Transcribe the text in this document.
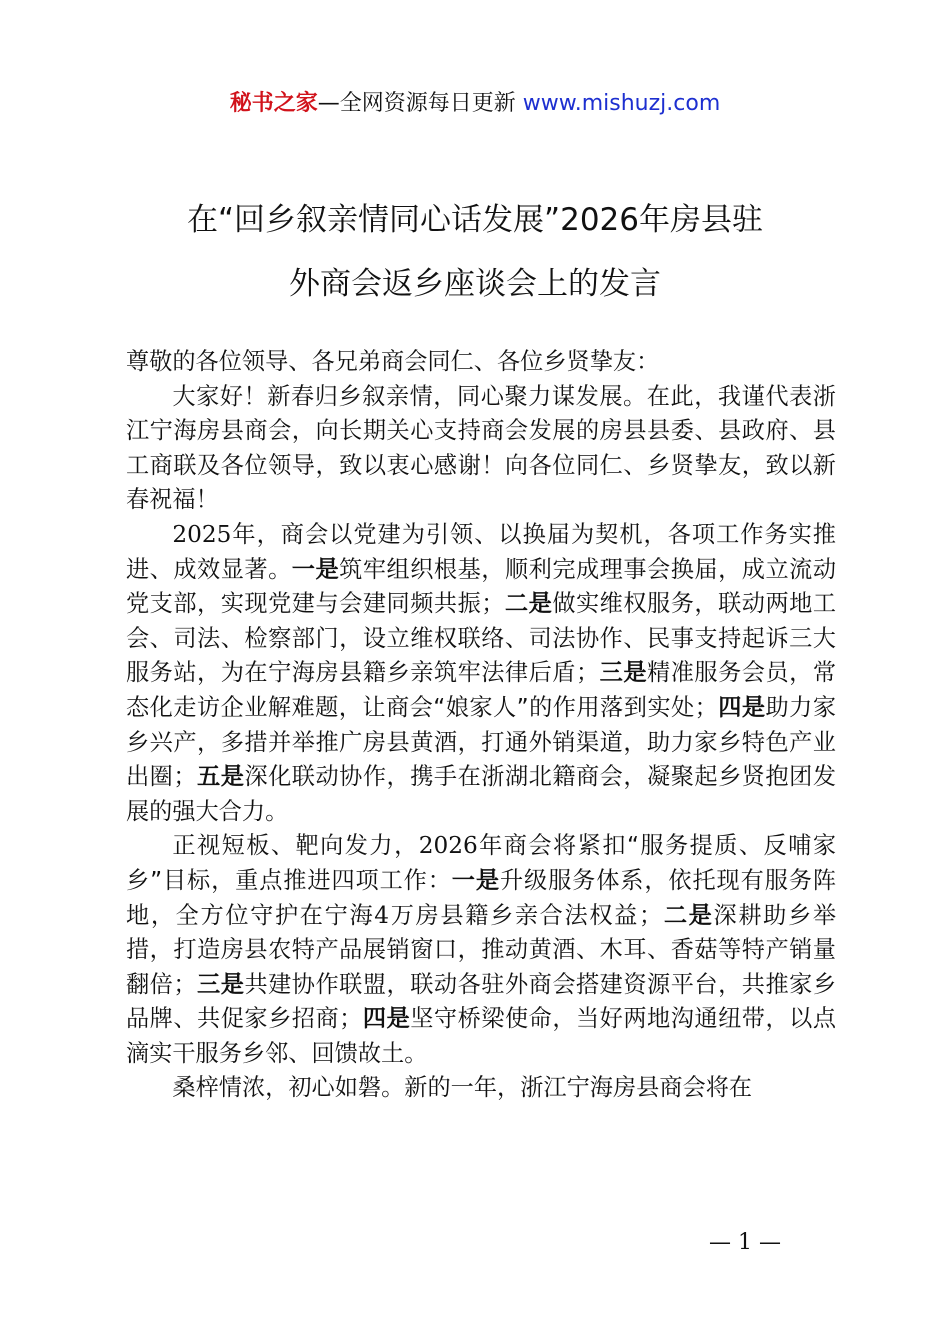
秘书之家—全网资源每日更新 www.mishuzj.com
在“回乡叙亲情同心话发展”2026年房县驻
外商会返乡座谈会上的发言

尊敬的各位领导、各兄弟商会同仁、各位乡贤挚友：

大家好！新春归乡叙亲情，同心聚力谋发展。在此，我谨代表浙江宁海房县商会，向长期关心支持商会发展的房县县委、县政府、县工商联及各位领导，致以衷心感谢！向各位同仁、乡贤挚友，致以新春祝福！

2025年，商会以党建为引领、以换届为契机，各项工作务实推进、成效显著。一是筑牢组织根基，顺利完成理事会换届，成立流动党支部，实现党建与会建同频共振；二是做实维权服务，联动两地工会、司法、检察部门，设立维权联络、司法协作、民事支持起诉三大服务站，为在宁海房县籍乡亲筑牢法律后盾；三是精准服务会员，常态化走访企业解难题，让商会“娘家人”的作用落到实处；四是助力家乡兴产，多措并举推广房县黄酒，打通外销渠道，助力家乡特色产业出圈；五是深化联动协作，携手在浙湖北籍商会，凝聚起乡贤抱团发展的强大合力。

正视短板、靶向发力，2026年商会将紧扣“服务提质、反哺家乡”目标，重点推进四项工作：一是升级服务体系，依托现有服务阵地，全方位守护在宁海4万房县籍乡亲合法权益；二是深耕助乡举措，打造房县农特产品展销窗口，推动黄酒、木耳、香菇等特产销量翻倍；三是共建协作联盟，联动各驻外商会搭建资源平台，共推家乡品牌、共促家乡招商；四是坚守桥梁使命，当好两地沟通纽带，以点滴实干服务乡邻、回馈故土。

桑梓情浓，初心如磐。新的一年，浙江宁海房县商会将在

— 1 —
